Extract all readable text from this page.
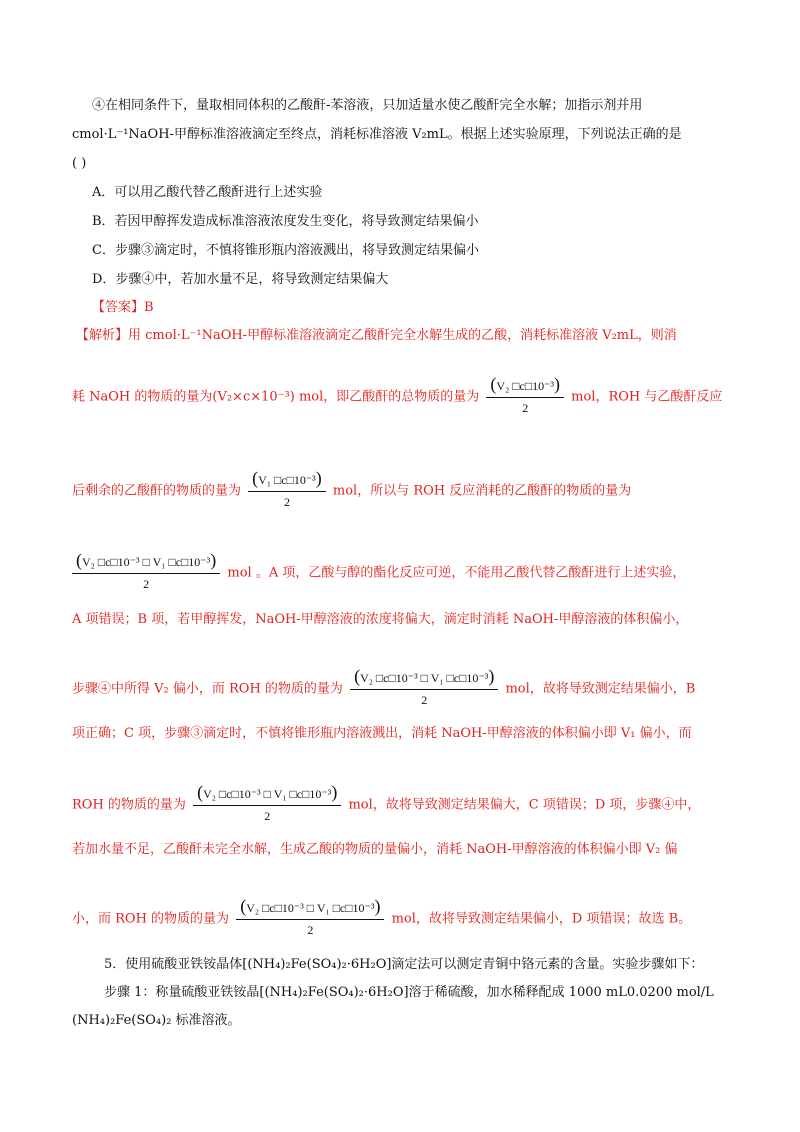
④在相同条件下，量取相同体积的乙酸酐-苯溶液，只加适量水使乙酸酐完全水解；加指示剂并用
cmol·L⁻¹NaOH-甲醇标准溶液滴定至终点，消耗标准溶液 V₂mL。根据上述实验原理，下列说法正确的是
( )
A．可以用乙酸代替乙酸酐进行上述实验
B．若因甲醇挥发造成标准溶液浓度发生变化，将导致测定结果偏小
C．步骤③滴定时，不慎将锥形瓶内溶液溅出，将导致测定结果偏小
D．步骤④中，若加水量不足，将导致测定结果偏大
【答案】B
【解析】用 cmol·L⁻¹NaOH-甲醇标准溶液滴定乙酸酐完全水解生成的乙酸，消耗标准溶液 V₂mL，则消
耗 NaOH 的物质的量为(V₂×c×10⁻³) mol，即乙酸酐的总物质的量为 $\frac{\text{(V₂ □c□10⁻³)}}{2}$ mol，ROH 与乙酸酐反应
后剩余的乙酸酐的物质的量为 $\frac{\text{(V₁ □c□10⁻³)}}{2}$ mol，所以与 ROH 反应消耗的乙酸酐的物质的量为
$\frac{\text{(V₂ □c□10⁻³ □ V₁ □c□10⁻³)}}{2}$ mol 。A 项，乙酸与醇的酯化反应可逆，不能用乙酸代替乙酸酐进行上述实验，
A 项错误；B 项，若甲醇挥发，NaOH-甲醇溶液的浓度将偏大，滴定时消耗 NaOH-甲醇溶液的体积偏小，
步骤④中所得 V₂ 偏小，而 ROH 的物质的量为 $\frac{\text{(V₂ □c□10⁻³ □ V₁ □c□10⁻³)}}{2}$ mol，故将导致测定结果偏小，B
项正确；C 项，步骤③滴定时，不慎将锥形瓶内溶液溅出，消耗 NaOH-甲醇溶液的体积偏小即 V₁ 偏小，而
ROH 的物质的量为 $\frac{\text{(V₂ □c□10⁻³ □ V₁ □c□10⁻³)}}{2}$ mol，故将导致测定结果偏大，C 项错误；D 项，步骤④中，
若加水量不足，乙酸酐未完全水解，生成乙酸的物质的量偏小，消耗 NaOH-甲醇溶液的体积偏小即 V₂ 偏
小，而 ROH 的物质的量为 $\frac{\text{(V₂ □c□10⁻³ □ V₁ □c□10⁻³)}}{2}$ mol，故将导致测定结果偏小，D 项错误；故选 B。
5．使用硫酸亚铁铵晶体[(NH₄)₂Fe(SO₄)₂·6H₂O]滴定法可以测定青铜中铬元素的含量。实验步骤如下：
步骤 1：称量硫酸亚铁铵晶[(NH₄)₂Fe(SO₄)₂·6H₂O]溶于稀硫酸，加水稀释配成 1000 mL0.0200 mol/L
(NH₄)₂Fe(SO₄)₂ 标准溶液。
